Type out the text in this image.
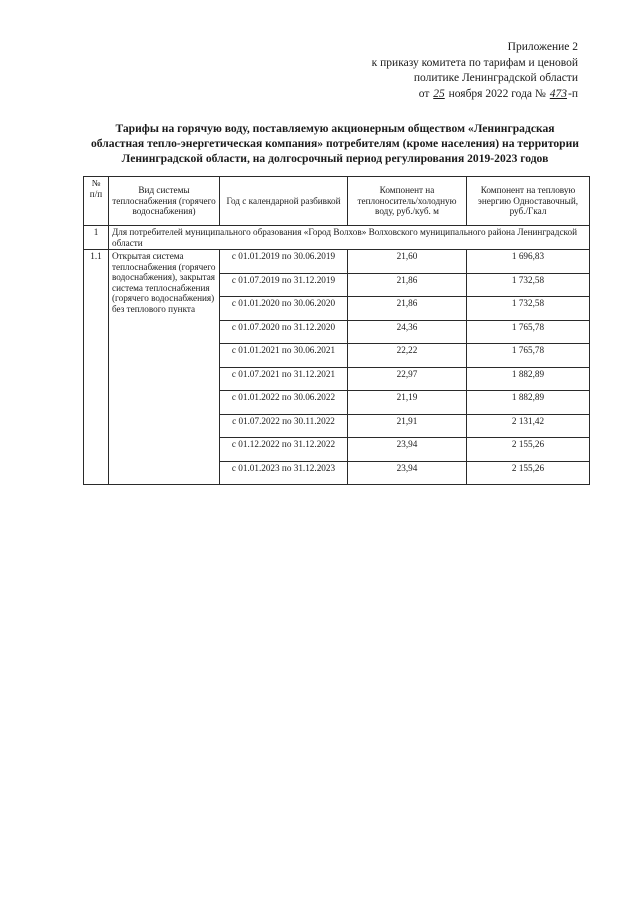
Приложение 2
к приказу комитета по тарифам и ценовой
политике Ленинградской области
от 25 ноября 2022 года № 473-п
Тарифы на горячую воду, поставляемую акционерным обществом «Ленинградская
областная тепло-энергетическая компания» потребителям (кроме населения) на территории
Ленинградской области, на долгосрочный период регулирования 2019-2023 годов
№ п/п	Вид системы теплоснабжения (горячего водоснабжения)	Год с календарной разбивкой	Компонент на теплоноситель/холодную воду, руб./куб. м	Компонент на тепловую энергию Одноставочный, руб./Гкал
1	Для потребителей муниципального образования «Город Волхов» Волховского муниципального района Ленинградской области			
1.1	Открытая система теплоснабжения (горячего водоснабжения), закрытая система теплоснабжения (горячего водоснабжения) без теплового пункта	с 01.01.2019 по 30.06.2019	21,60	1 696,83
		с 01.07.2019 по 31.12.2019	21,86	1 732,58
		с 01.01.2020 по 30.06.2020	21,86	1 732,58
		с 01.07.2020 по 31.12.2020	24,36	1 765,78
		с 01.01.2021 по 30.06.2021	22,22	1 765,78
		с 01.07.2021 по 31.12.2021	22,97	1 882,89
		с 01.01.2022 по 30.06.2022	21,19	1 882,89
		с 01.07.2022 по 30.11.2022	21,91	2 131,42
		с 01.12.2022 по 31.12.2022	23,94	2 155,26
		с 01.01.2023 по 31.12.2023	23,94	2 155,26
